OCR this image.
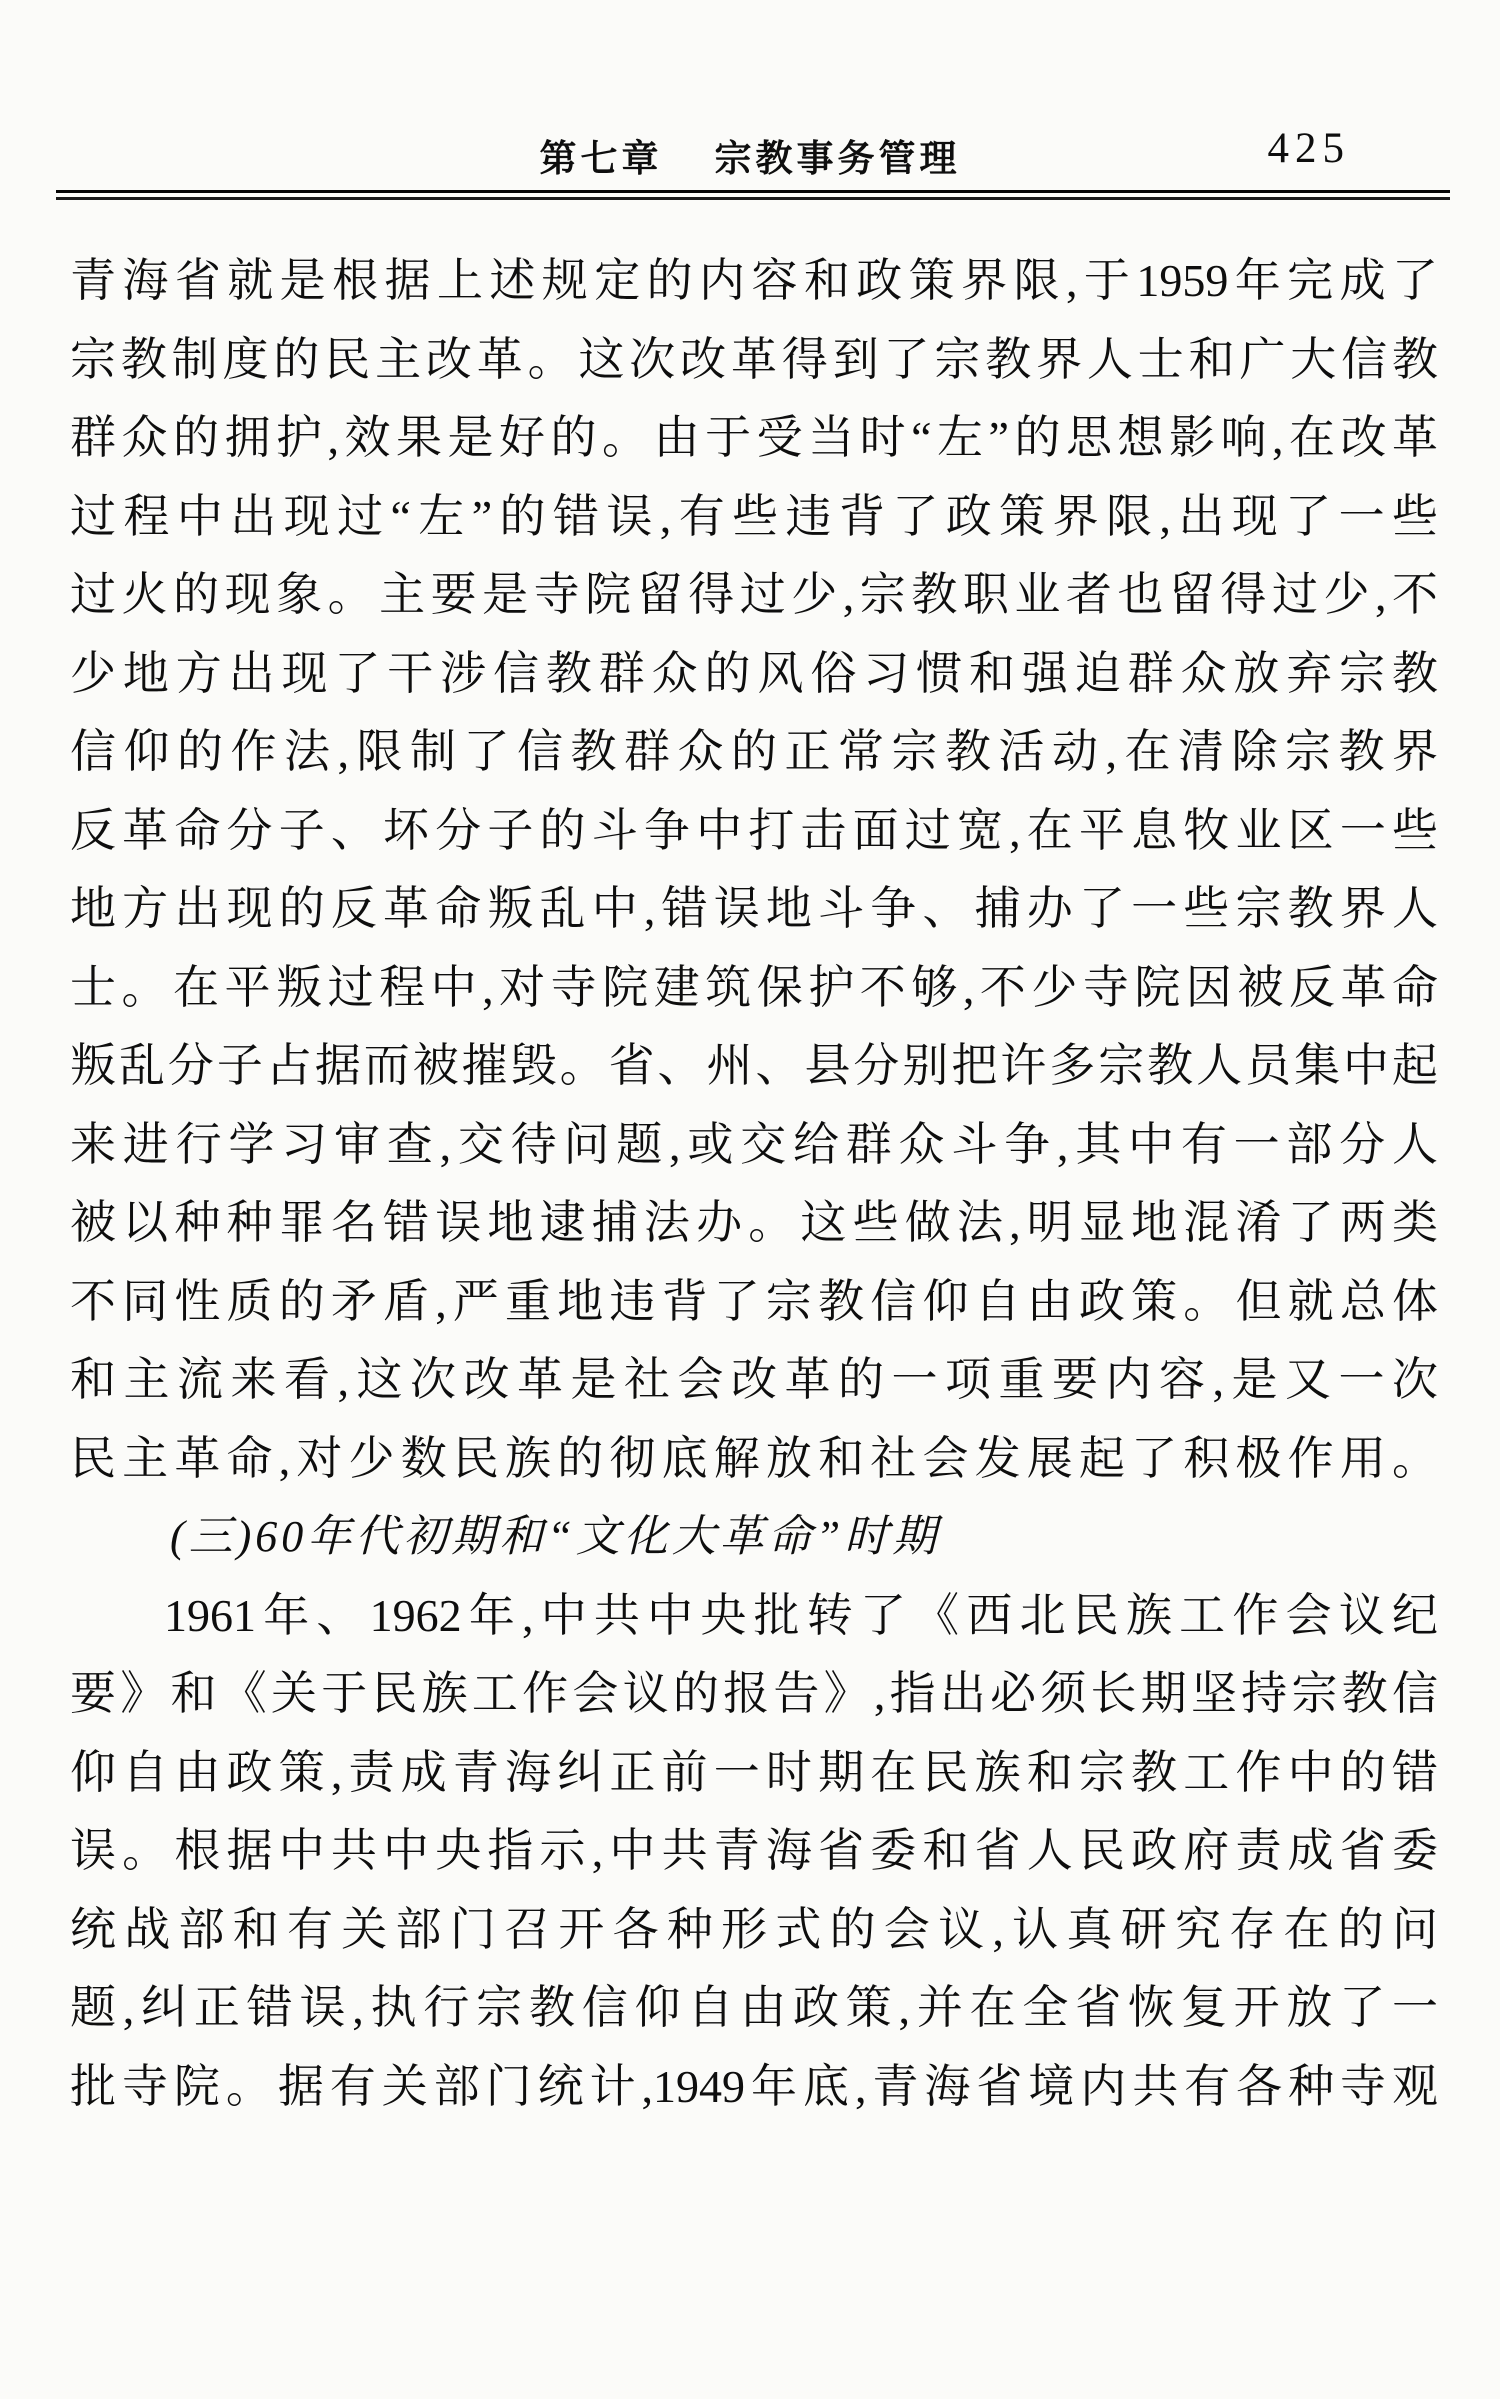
第七章 宗教事务管理	425
青海省就是根据上述规定的内容和政策界限,于1959年完成了
宗教制度的民主改革。这次改革得到了宗教界人士和广大信教
群众的拥护,效果是好的。由于受当时“左”的思想影响,在改革
过程中出现过“左”的错误,有些违背了政策界限,出现了一些
过火的现象。主要是寺院留得过少,宗教职业者也留得过少,不
少地方出现了干涉信教群众的风俗习惯和强迫群众放弃宗教
信仰的作法,限制了信教群众的正常宗教活动,在清除宗教界
反革命分子、坏分子的斗争中打击面过宽,在平息牧业区一些
地方出现的反革命叛乱中,错误地斗争、捕办了一些宗教界人
士。在平叛过程中,对寺院建筑保护不够,不少寺院因被反革命
叛乱分子占据而被摧毁。省、州、县分别把许多宗教人员集中起
来进行学习审查,交待问题,或交给群众斗争,其中有一部分人
被以种种罪名错误地逮捕法办。这些做法,明显地混淆了两类
不同性质的矛盾,严重地违背了宗教信仰自由政策。但就总体
和主流来看,这次改革是社会改革的一项重要内容,是又一次
民主革命,对少数民族的彻底解放和社会发展起了积极作用。
(三)60年代初期和“文化大革命”时期
1961年、1962年,中共中央批转了《西北民族工作会议纪
要》和《关于民族工作会议的报告》,指出必须长期坚持宗教信
仰自由政策,责成青海纠正前一时期在民族和宗教工作中的错
误。根据中共中央指示,中共青海省委和省人民政府责成省委
统战部和有关部门召开各种形式的会议,认真研究存在的问
题,纠正错误,执行宗教信仰自由政策,并在全省恢复开放了一
批寺院。据有关部门统计,1949年底,青海省境内共有各种寺观
